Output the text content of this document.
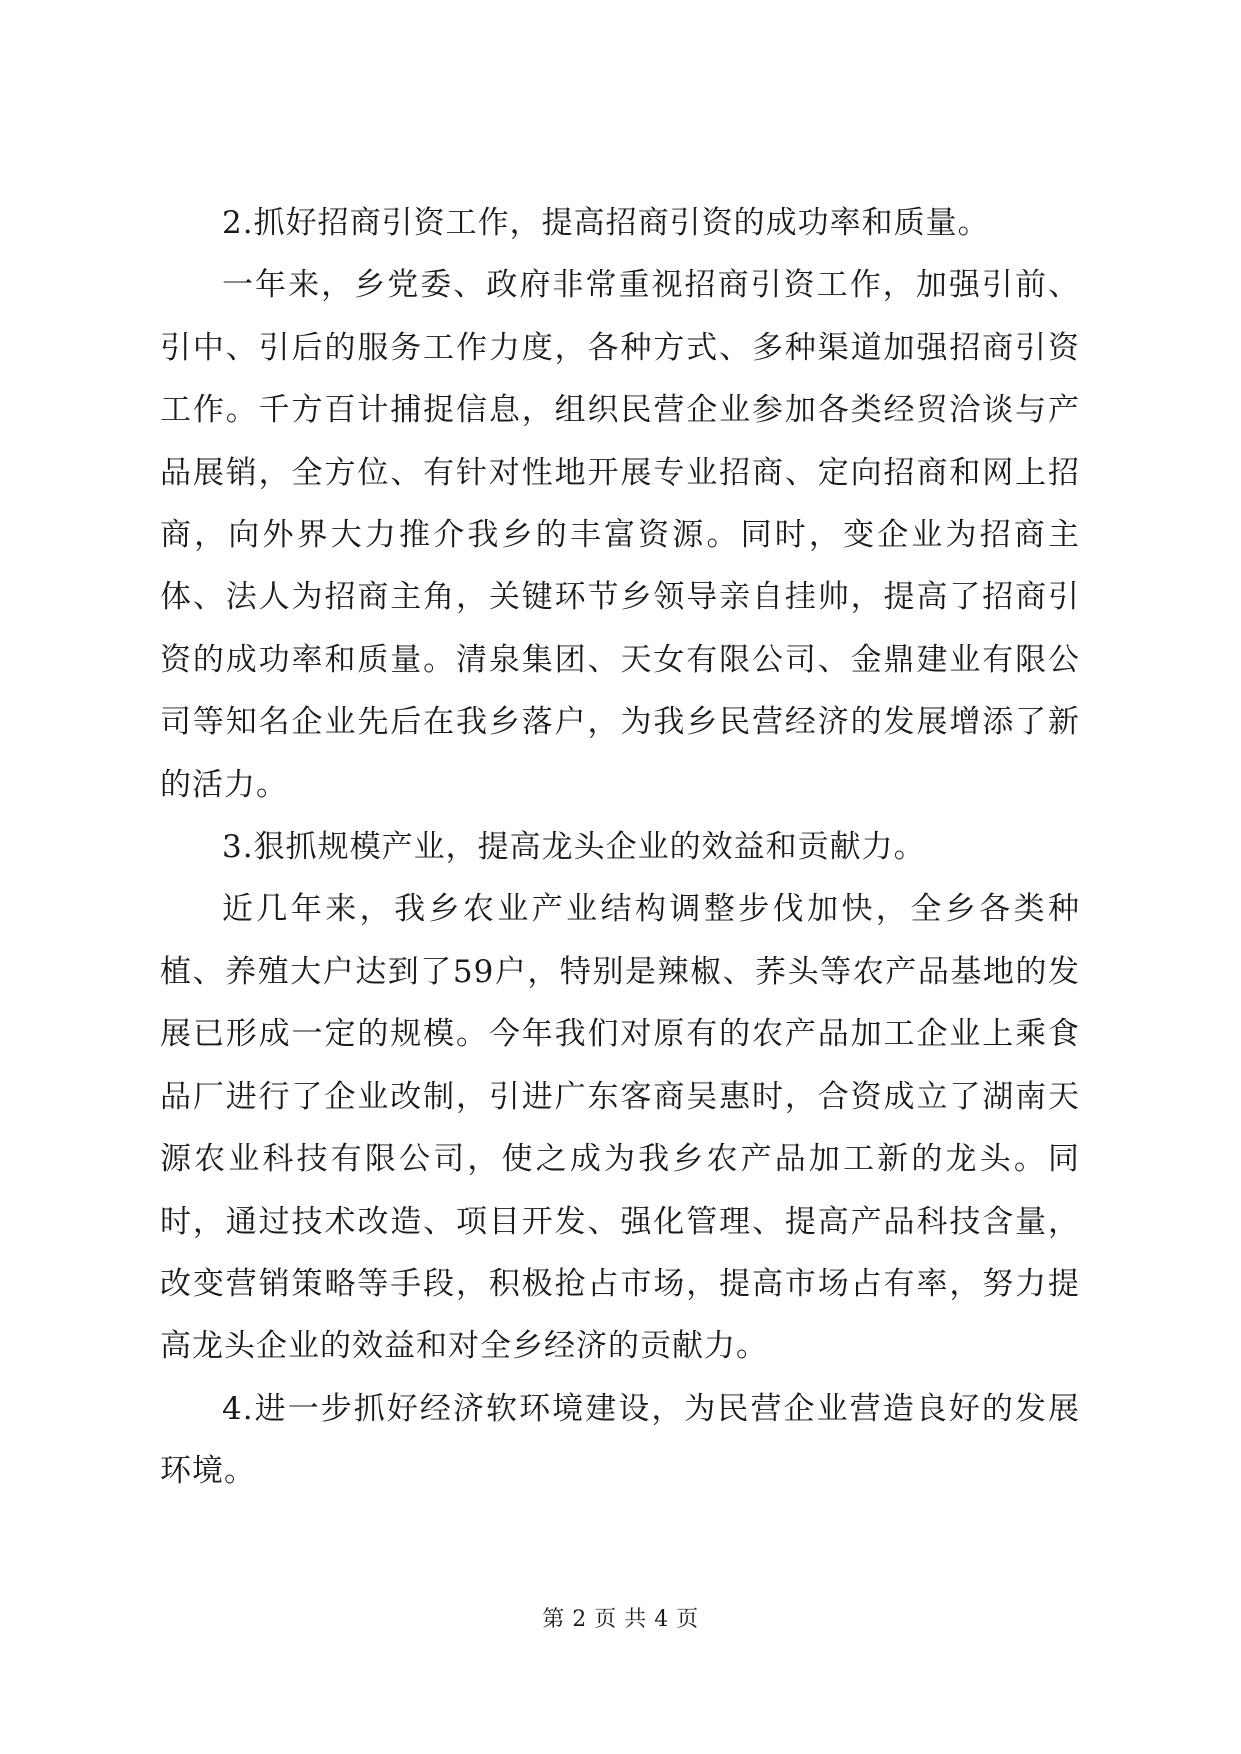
2.抓好招商引资工作，提高招商引资的成功率和质量。

一年来，乡党委、政府非常重视招商引资工作，加强引前、引中、引后的服务工作力度，各种方式、多种渠道加强招商引资工作。千方百计捕捉信息，组织民营企业参加各类经贸洽谈与产品展销，全方位、有针对性地开展专业招商、定向招商和网上招商，向外界大力推介我乡的丰富资源。同时，变企业为招商主体、法人为招商主角，关键环节乡领导亲自挂帅，提高了招商引资的成功率和质量。清泉集团、天女有限公司、金鼎建业有限公司等知名企业先后在我乡落户，为我乡民营经济的发展增添了新的活力。

3.狠抓规模产业，提高龙头企业的效益和贡献力。

近几年来，我乡农业产业结构调整步伐加快，全乡各类种植、养殖大户达到了59户，特别是辣椒、荞头等农产品基地的发展已形成一定的规模。今年我们对原有的农产品加工企业上乘食品厂进行了企业改制，引进广东客商吴惠时，合资成立了湖南天源农业科技有限公司，使之成为我乡农产品加工新的龙头。同时，通过技术改造、项目开发、强化管理、提高产品科技含量，改变营销策略等手段，积极抢占市场，提高市场占有率，努力提高龙头企业的效益和对全乡经济的贡献力。

4.进一步抓好经济软环境建设，为民营企业营造良好的发展环境。

第 2 页 共 4 页
